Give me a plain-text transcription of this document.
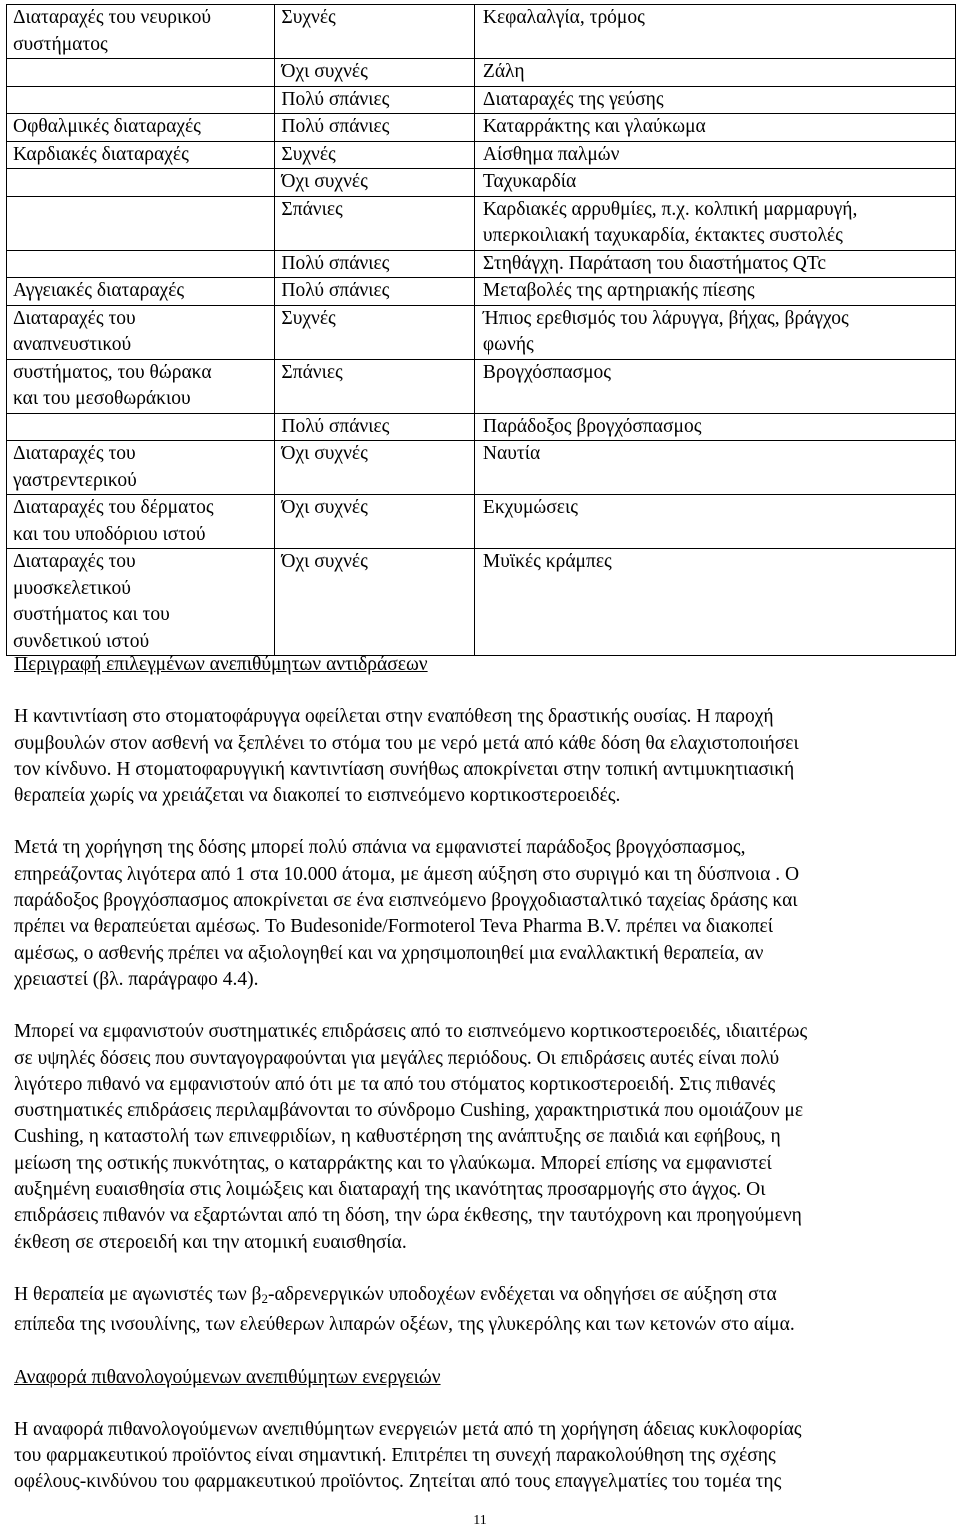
Διαταραχές του νευρικού
συστήματος	Συχνές	Κεφαλαλγία, τρόμος

	Όχι συχνές	Ζάλη

	Πολύ σπάνιες	Διαταραχές της γεύσης

Οφθαλμικές διαταραχές	Πολύ σπάνιες	Καταρράκτης και γλαύκωμα

Καρδιακές διαταραχές	Συχνές	Αίσθημα παλμών

	Όχι συχνές	Ταχυκαρδία

	Σπάνιες	Καρδιακές αρρυθμίες, π.χ. κολπική μαρμαρυγή,
υπερκοιλιακή ταχυκαρδία, έκτακτες συστολές

	Πολύ σπάνιες	Στηθάγχη. Παράταση του διαστήματος QTc

Αγγειακές διαταραχές	Πολύ σπάνιες	Μεταβολές της αρτηριακής πίεσης

Διαταραχές του
αναπνευστικού	Συχνές	Ήπιος ερεθισμός του λάρυγγα, βήχας, βράγχος
φωνής

συστήματος, του θώρακα
και του μεσοθωράκιου	Σπάνιες	Βρογχόσπασμος

	Πολύ σπάνιες	Παράδοξος βρογχόσπασμος

Διαταραχές του
γαστρεντερικού	Όχι συχνές	Ναυτία

Διαταραχές του δέρματος
και του υποδόριου ιστού	Όχι συχνές	Εκχυμώσεις

Διαταραχές του
μυοσκελετικού
συστήματος και του
συνδετικού ιστού	Όχι συχνές	Μυϊκές κράμπες
Περιγραφή επιλεγμένων ανεπιθύμητων αντιδράσεων

Η καντιντίαση στο στοματοφάρυγγα οφείλεται στην εναπόθεση της δραστικής ουσίας. Η παροχή
συμβουλών στον ασθενή να ξεπλένει το στόμα του με νερό μετά από κάθε δόση θα ελαχιστοποιήσει
τον κίνδυνο. Η στοματοφαρυγγική καντιντίαση συνήθως αποκρίνεται στην τοπική αντιμυκητιασική
θεραπεία χωρίς να χρειάζεται να διακοπεί το εισπνεόμενο κορτικοστεροειδές.

Μετά τη χορήγηση της δόσης μπορεί πολύ σπάνια να εμφανιστεί παράδοξος βρογχόσπασμος,
επηρεάζοντας λιγότερα από 1 στα 10.000 άτομα, με άμεση αύξηση στο συριγμό και τη δύσπνοια . Ο
παράδοξος βρογχόσπασμος αποκρίνεται σε ένα εισπνεόμενο βρογχοδιασταλτικό ταχείας δράσης και
πρέπει να θεραπεύεται αμέσως. To Budesonide/Formoterol Teva Pharma B.V. πρέπει να διακοπεί
αμέσως, ο ασθενής πρέπει να αξιολογηθεί και να χρησιμοποιηθεί μια εναλλακτική θεραπεία, αν
χρειαστεί (βλ. παράγραφο 4.4).

Μπορεί να εμφανιστούν συστηματικές επιδράσεις από το εισπνεόμενο κορτικοστεροειδές, ιδιαιτέρως
σε υψηλές δόσεις που συνταγογραφούνται για μεγάλες περιόδους. Οι επιδράσεις αυτές είναι πολύ
λιγότερο πιθανό να εμφανιστούν από ότι με τα από του στόματος κορτικοστεροειδή. Στις πιθανές
συστηματικές επιδράσεις περιλαμβάνονται το σύνδρομο Cushing, χαρακτηριστικά που ομοιάζουν με
Cushing, η καταστολή των επινεφριδίων, η καθυστέρηση της ανάπτυξης σε παιδιά και εφήβους, η
μείωση της οστικής πυκνότητας, ο καταρράκτης και το γλαύκωμα. Μπορεί επίσης να εμφανιστεί
αυξημένη ευαισθησία στις λοιμώξεις και διαταραχή της ικανότητας προσαρμογής στο άγχος. Οι
επιδράσεις πιθανόν να εξαρτώνται από τη δόση, την ώρα έκθεσης, την ταυτόχρονη και προηγούμενη
έκθεση σε στεροειδή και την ατομική ευαισθησία.

Η θεραπεία με αγωνιστές των $\beta_2$-αδρενεργικών υποδοχέων ενδέχεται να οδηγήσει σε αύξηση στα
επίπεδα της ινσουλίνης, των ελεύθερων λιπαρών οξέων, της γλυκερόλης και των κετονών στο αίμα.

Αναφορά πιθανολογούμενων ανεπιθύμητων ενεργειών

Η αναφορά πιθανολογούμενων ανεπιθύμητων ενεργειών μετά από τη χορήγηση άδειας κυκλοφορίας
του φαρμακευτικού προϊόντος είναι σημαντική. Επιτρέπει τη συνεχή παρακολούθηση της σχέσης
οφέλους-κινδύνου του φαρμακευτικού προϊόντος. Ζητείται από τους επαγγελματίες του τομέα της

11
